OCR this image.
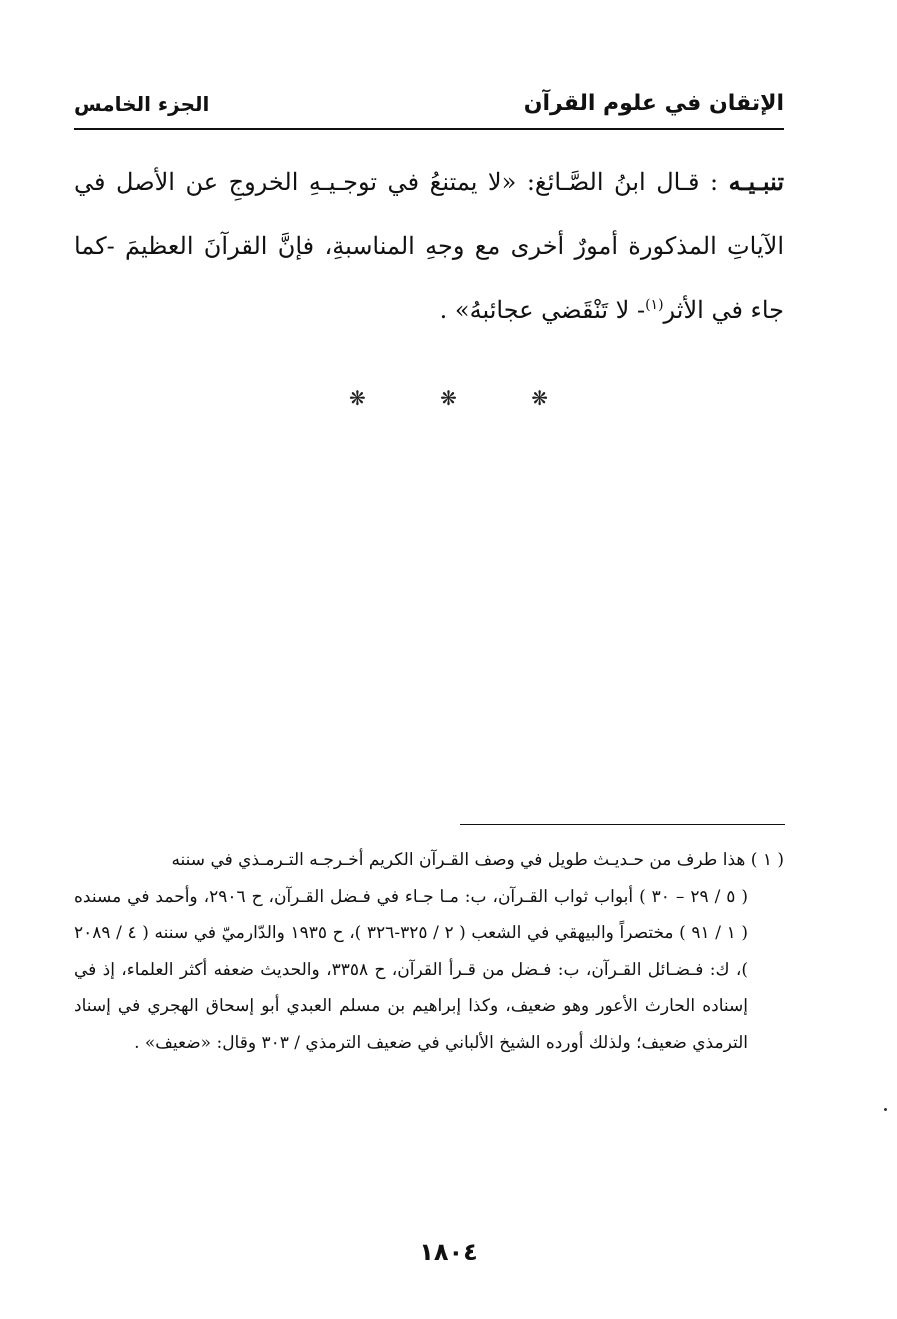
الإتقان في علوم القرآن
الجزء الخامس
تنبـيـه : قـال ابنُ الصَّـائغ: «لا يمتنعُ في توجـيـهِ الخروجِ عن الأصل في الآياتِ المذكورة أمورٌ أخرى مع وجهِ المناسبةِ، فإنَّ القرآنَ العظيمَ -كما جاء في الأثر$^{(١)}$- لا تَنْقَضي عجائبهُ» .
❋ ❋ ❋
( ١ ) هذا طرف من حـديـث طويل في وصف القـرآن الكريم أخـرجـه التـرمـذي في سننه
( ٥ / ٢٩ – ٣٠ ) أبواب ثواب القـرآن، ب: مـا جـاء في فـضل القـرآن، ح ٢٩٠٦، وأحمد في مسنده ( ١ / ٩١ ) مختصراً والبيهقي في الشعب ( ٢ / ٣٢٥-٣٢٦ )، ح ١٩٣٥ والدّارميّ في سننه ( ٤ / ٢٠٨٩ )، ك: فـضـائل القـرآن، ب: فـضل من قـرأ القرآن، ح ٣٣٥٨، والحديث ضعفه أكثر العلماء، إذ في إسناده الحارث الأعور وهو ضعيف، وكذا إبراهيم بن مسلم العبدي أبو إسحاق الهجري في إسناد الترمذي ضعيف؛ ولذلك أورده الشيخ الألباني في ضعيف الترمذي / ٣٠٣ وقال: «ضعيف» .
١٨٠٤
